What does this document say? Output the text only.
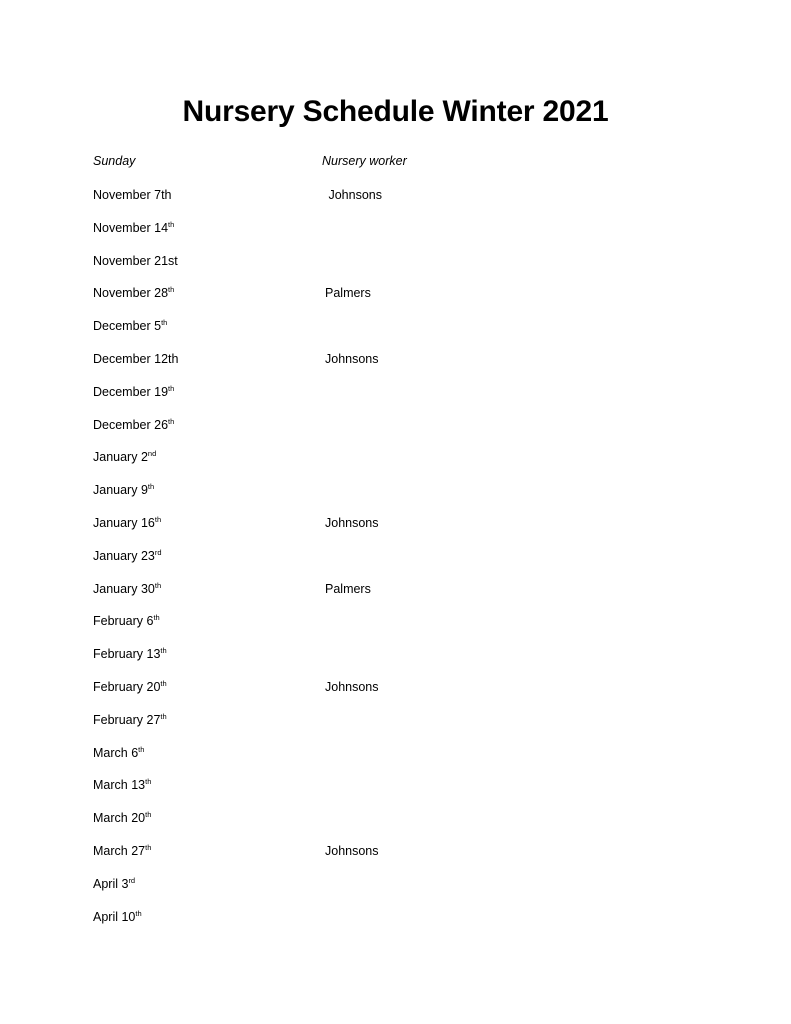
Nursery Schedule Winter 2021
Sunday	Nursery worker
November 7th	Johnsons
November 14th
November 21st
November 28th	Palmers
December 5th
December 12th	Johnsons
December 19th
December 26th
January 2nd
January 9th
January 16th	Johnsons
January 23rd
January 30th	Palmers
February 6th
February 13th
February 20th	Johnsons
February 27th
March 6th
March 13th
March 20th
March 27th	Johnsons
April 3rd
April 10th
